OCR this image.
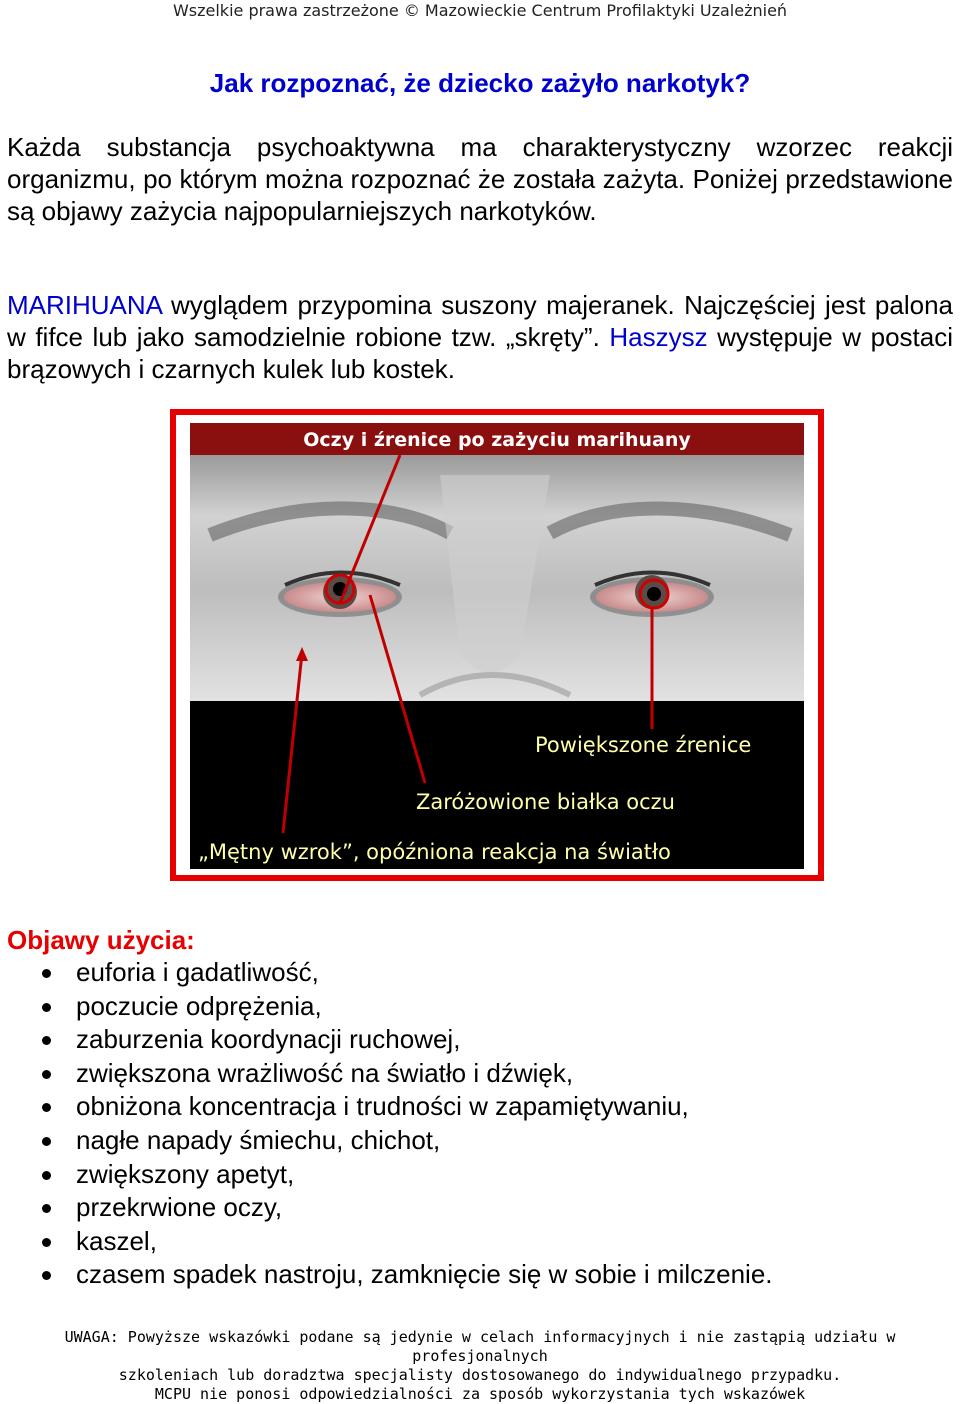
Wszelkie prawa zastrzeżone © Mazowieckie Centrum Profilaktyki Uzależnień
Jak rozpoznać, że dziecko zażyło narkotyk?
Każda substancja psychoaktywna ma charakterystyczny wzorzec reakcji organizmu, po którym można rozpoznać że została zażyta. Poniżej przedstawione są objawy zażycia najpopularniejszych narkotyków.
MARIHUANA wyglądem przypomina suszony majeranek. Najczęściej jest palona w fifce lub jako samodzielnie robione tzw. „skręty”. Haszysz występuje w postaci brązowych i czarnych kulek lub kostek.
Oczy i źrenice po zażyciu marihuany
Powiększone źrenice
Zaróżowione białka oczu
„Mętny wzrok”, opóźniona reakcja na światło
Objawy użycia:
euforia i gadatliwość,
poczucie odprężenia,
zaburzenia koordynacji ruchowej,
zwiększona wrażliwość na światło i dźwięk,
obniżona koncentracja i trudności w zapamiętywaniu,
nagłe napady śmiechu, chichot,
zwiększony apetyt,
przekrwione oczy,
kaszel,
czasem spadek nastroju, zamknięcie się w sobie i milczenie.
UWAGA: Powyższe wskazówki podane są jedynie w celach informacyjnych i nie zastąpią udziału w profesjonalnych
szkoleniach lub doradztwa specjalisty dostosowanego do indywidualnego przypadku.
MCPU nie ponosi odpowiedzialności za sposób wykorzystania tych wskazówek
